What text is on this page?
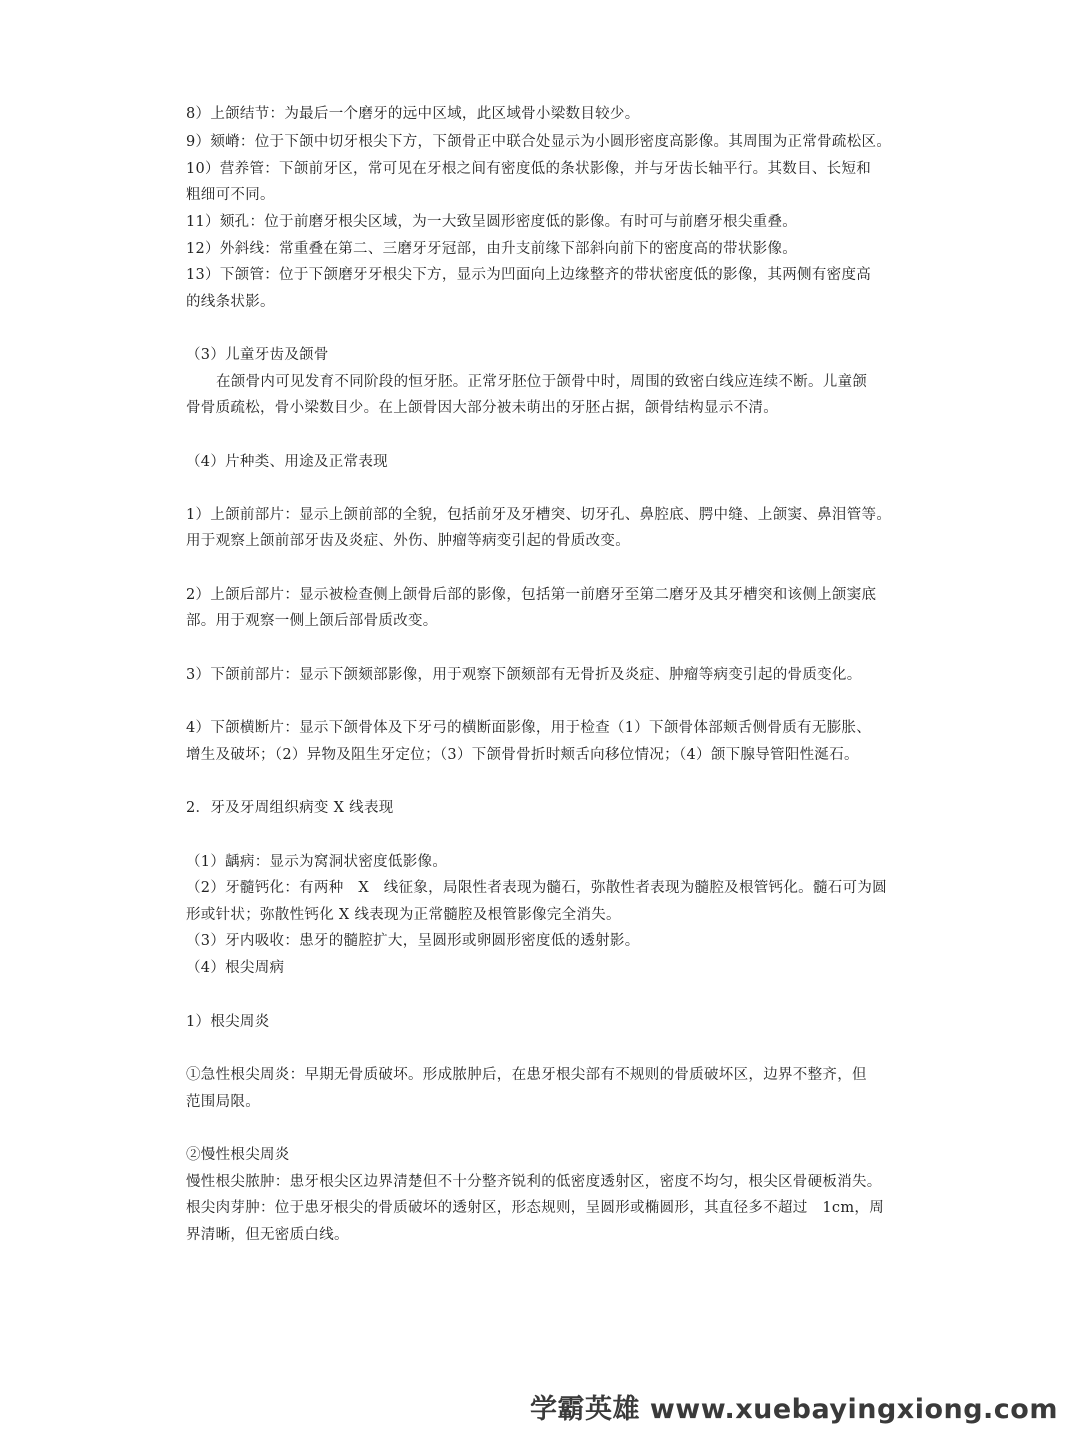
8）上颌结节：为最后一个磨牙的远中区域，此区域骨小梁数目较少。
9）颏嵴：位于下颌中切牙根尖下方，下颌骨正中联合处显示为小圆形密度高影像。其周围为正常骨疏松区。
10）营养管：下颌前牙区，常可见在牙根之间有密度低的条状影像，并与牙齿长轴平行。其数目、长短和
粗细可不同。
11）颏孔：位于前磨牙根尖区域，为一大致呈圆形密度低的影像。有时可与前磨牙根尖重叠。
12）外斜线：常重叠在第二、三磨牙牙冠部，由升支前缘下部斜向前下的密度高的带状影像。
13）下颌管：位于下颌磨牙牙根尖下方，显示为凹面向上边缘整齐的带状密度低的影像，其两侧有密度高
的线条状影。
（3）儿童牙齿及颌骨
在颌骨内可见发育不同阶段的恒牙胚。正常牙胚位于颌骨中时，周围的致密白线应连续不断。儿童颌
骨骨质疏松，骨小梁数目少。在上颌骨因大部分被未萌出的牙胚占据，颌骨结构显示不清。
（4）片种类、用途及正常表现
1）上颌前部片：显示上颌前部的全貌，包括前牙及牙槽突、切牙孔、鼻腔底、腭中缝、上颌窦、鼻泪管等。
用于观察上颌前部牙齿及炎症、外伤、肿瘤等病变引起的骨质改变。
2）上颌后部片：显示被检查侧上颌骨后部的影像，包括第一前磨牙至第二磨牙及其牙槽突和该侧上颌窦底
部。用于观察一侧上颌后部骨质改变。
3）下颌前部片：显示下颌颏部影像，用于观察下颌颏部有无骨折及炎症、肿瘤等病变引起的骨质变化。
4）下颌横断片：显示下颌骨体及下牙弓的横断面影像，用于检查（1）下颌骨体部颊舌侧骨质有无膨胀、
增生及破坏；（2）异物及阻生牙定位；（3）下颌骨骨折时颊舌向移位情况；（4）颌下腺导管阳性涎石。
2．牙及牙周组织病变 X 线表现
（1）龋病：显示为窝洞状密度低影像。
（2）牙髓钙化：有两种　X　线征象，局限性者表现为髓石，弥散性者表现为髓腔及根管钙化。髓石可为圆
形或针状；弥散性钙化 X 线表现为正常髓腔及根管影像完全消失。
（3）牙内吸收：患牙的髓腔扩大，呈圆形或卵圆形密度低的透射影。
（4）根尖周病
1）根尖周炎
①急性根尖周炎：早期无骨质破坏。形成脓肿后，在患牙根尖部有不规则的骨质破坏区，边界不整齐，但
范围局限。
②慢性根尖周炎
慢性根尖脓肿：患牙根尖区边界清楚但不十分整齐锐利的低密度透射区，密度不均匀，根尖区骨硬板消失。
根尖肉芽肿：位于患牙根尖的骨质破坏的透射区，形态规则，呈圆形或椭圆形，其直径多不超过　1cm，周
界清晰，但无密质白线。
学霸英雄 www.xuebayingxiong.com
